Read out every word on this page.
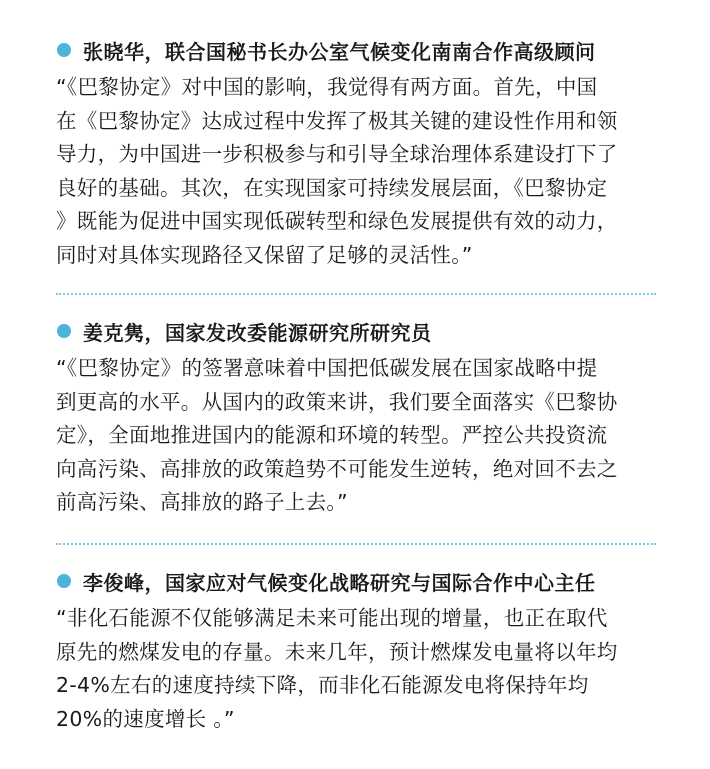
张晓华，联合国秘书长办公室气候变化南南合作高级顾问
“《巴黎协定》对中国的影响，我觉得有两方面。首先，中国
在《巴黎协定》达成过程中发挥了极其关键的建设性作用和领
导力，为中国进一步积极参与和引导全球治理体系建设打下了
良好的基础。其次，在实现国家可持续发展层面，《巴黎协定
》既能为促进中国实现低碳转型和绿色发展提供有效的动力，
同时对具体实现路径又保留了足够的灵活性。”
姜克隽，国家发改委能源研究所研究员
“《巴黎协定》的签署意味着中国把低碳发展在国家战略中提
到更高的水平。从国内的政策来讲，我们要全面落实《巴黎协
定》，全面地推进国内的能源和环境的转型。严控公共投资流
向高污染、高排放的政策趋势不可能发生逆转，绝对回不去之
前高污染、高排放的路子上去。”
李俊峰，国家应对气候变化战略研究与国际合作中心主任
“非化石能源不仅能够满足未来可能出现的增量，也正在取代
原先的燃煤发电的存量。未来几年，预计燃煤发电量将以年均
2-4%左右的速度持续下降，而非化石能源发电将保持年均
20%的速度增长 。”
